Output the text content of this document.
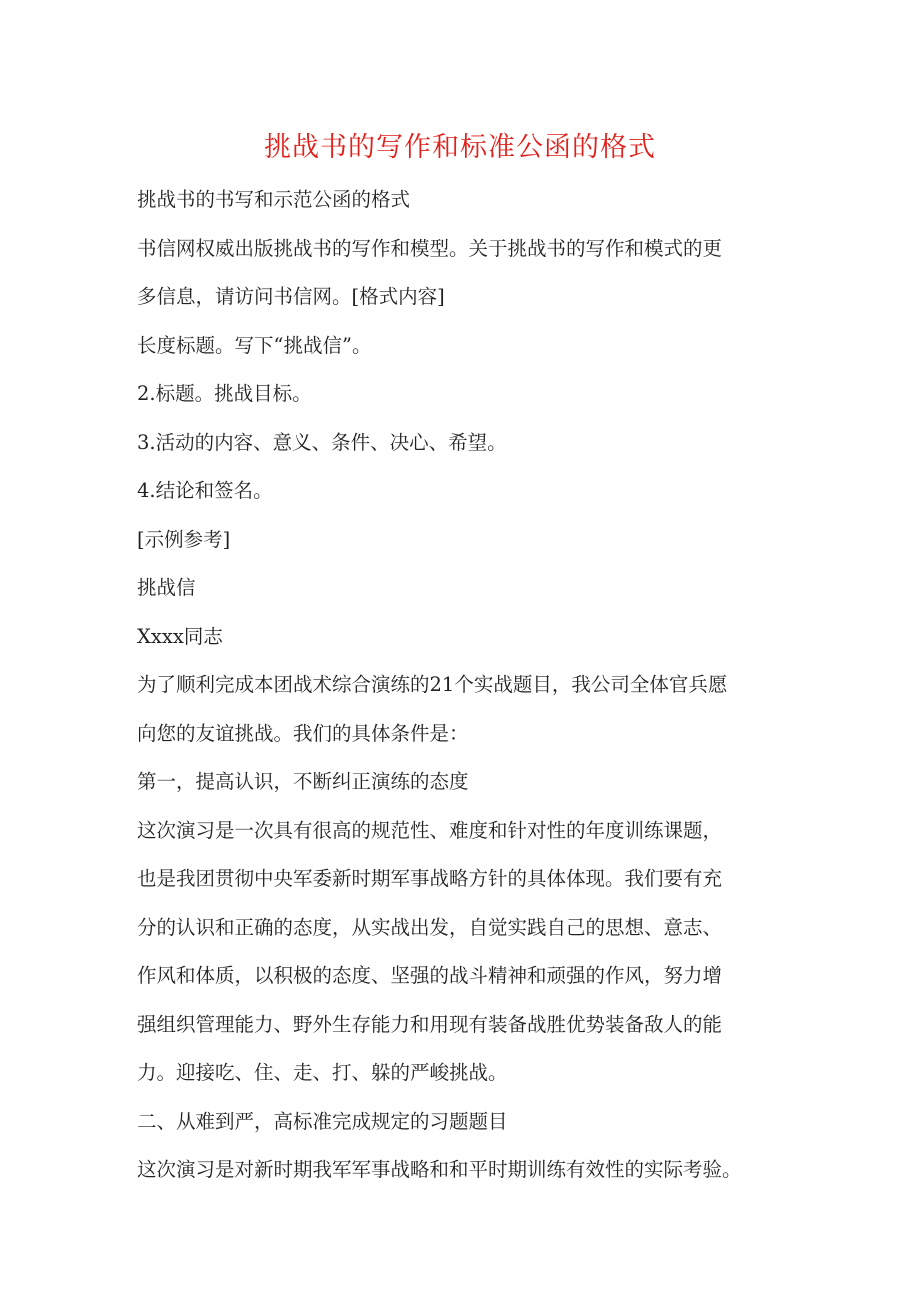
挑战书的写作和标准公函的格式
挑战书的书写和示范公函的格式
书信网权威出版挑战书的写作和模型。关于挑战书的写作和模式的更
多信息，请访问书信网。[格式内容]
长度标题。写下“挑战信”。
2.标题。挑战目标。
3.活动的内容、意义、条件、决心、希望。
4.结论和签名。
[示例参考]
挑战信
Xxxx同志
为了顺利完成本团战术综合演练的21个实战题目，我公司全体官兵愿
向您的友谊挑战。我们的具体条件是：
第一，提高认识，不断纠正演练的态度
这次演习是一次具有很高的规范性、难度和针对性的年度训练课题，
也是我团贯彻中央军委新时期军事战略方针的具体体现。我们要有充
分的认识和正确的态度，从实战出发，自觉实践自己的思想、意志、
作风和体质，以积极的态度、坚强的战斗精神和顽强的作风，努力增
强组织管理能力、野外生存能力和用现有装备战胜优势装备敌人的能
力。迎接吃、住、走、打、躲的严峻挑战。
二、从难到严，高标准完成规定的习题题目
这次演习是对新时期我军军事战略和和平时期训练有效性的实际考验。
